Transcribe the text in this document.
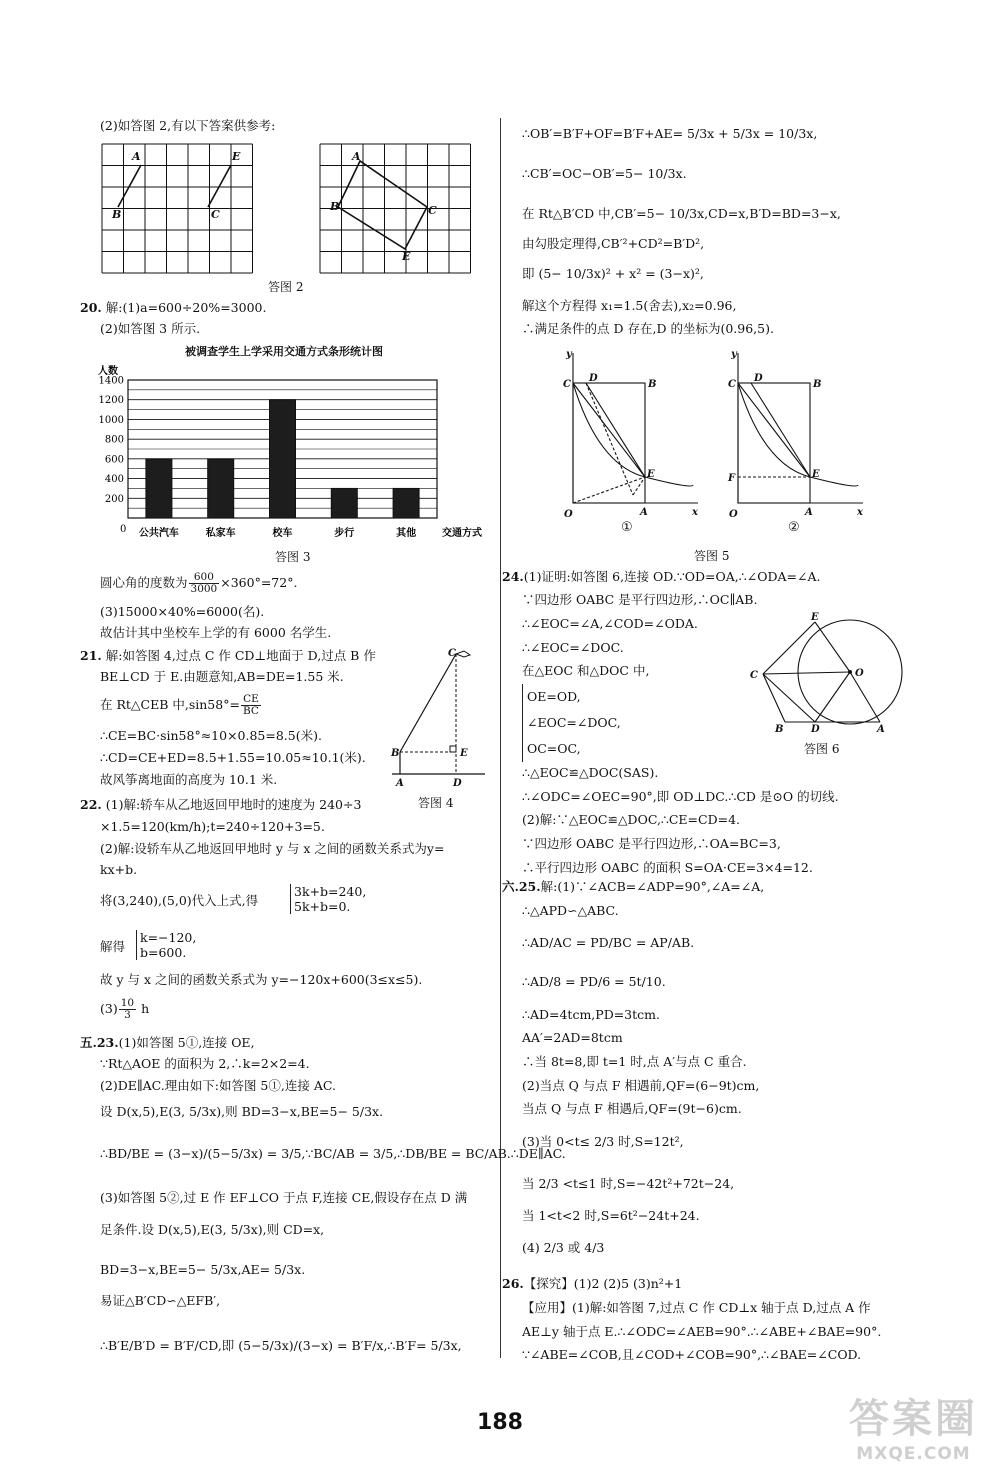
(2)如答图 2,有以下答案供参考:
A
B
E
C
A
B	C
E
答图 2
20. 解:(1)a=600÷20%=3000.
(2)如答图 3 所示.
被调查学生上学采用交通方式条形统计图
200
400
600
800
1000
1200
1400
公共汽车	私家车	校车	步行	其他
人数
交通方式
0
答图 3
圆心角的度数为 $\frac{600}{3000} \times 360^\circ=72^\circ$.
(3)15000×40%=6000(名).
故估计其中坐校车上学的有 6000 名学生.
21. 解:如答图 4,过点 C 作 CD⊥地面于 D,过点 B 作
BE⊥CD 于 E.由题意知,AB=DE=1.55 米.
在 Rt△CEB 中$,\sin 58^\circ= \frac{CE}{BC}$
∴CE=BC·sin58°≈10×0.85=8.5(米).
∴CD=CE+ED=8.5+1.55=10.05≈10.1(米).
故风筝离地面的高度为 10.1 米.
C
B	E
A	D
答图 4
22. (1)解:轿车从乙地返回甲地时的速度为 240÷3
×1.5=120(km/h);t=240÷120+3=5.
(2)解:设轿车从乙地返回甲地时 y 与 x 之间的函数关系式为y=
kx+b.
将(3,240),(5,0)代入上式,得
3k+b=240,
5k+b=0.
解得
k=−120,
b=600.
故 y 与 x 之间的函数关系式为 y=−120x+600(3≤x≤5).
$(3) \frac{10}{3}$ h
五.23.(1)如答图 5①,连接 OE,
∵Rt△AOE 的面积为 2,∴k=2×2=4.
(2)DE∥AC.理由如下:如答图 5①,连接 AC.
设 D(x,5),E(3, 5/3x),则 BD=3−x,BE=5− 5/3x.
∴BD/BE = (3−x)/(5−5/3x) = 3/5,∵BC/AB = 3/5,∴DB/BE = BC/AB.∴DE∥AC.
(3)如答图 5②,过 E 作 EF⊥CO 于点 F,连接 CE,假设存在点 D 满
足条件.设 D(x,5),E(3, 5/3x),则 CD=x,
BD=3−x,BE=5− 5/3x,AE= 5/3x.
易证△B′CD∽△EFB′,
∴B′E/B′D = B′F/CD,即 (5−5/3x)/(3−x) = B′F/x,∴B′F= 5/3x,
∴OB′=B′F+OF=B′F+AE= 5/3x + 5/3x = 10/3x,
∴CB′=OC−OB′=5− 10/3x.
在 Rt△B′CD 中,CB′=5− 10/3x,CD=x,B′D=BD=3−x,
由勾股定理得,CB′²+CD²=B′D²,
即 (5− 10/3x)² + x² = (3−x)²,
解这个方程得 x₁=1.5(舍去),x₂=0.96,
∴满足条件的点 D 存在,D 的坐标为(0.96,5).
y
x
O
C
D
B
E
A
y
x
O
C
D
B
E
A
F
①	②
答图 5
24.(1)证明:如答图 6,连接 OD.∵OD=OA,∴∠ODA=∠A.
∵四边形 OABC 是平行四边形,∴OC∥AB.
∴∠EOC=∠A,∠COD=∠ODA.
∴∠EOC=∠DOC.
在△EOC 和△DOC 中,
OE=OD,
∠EOC=∠DOC,
OC=OC,
∴△EOC≌△DOC(SAS).
∴∠ODC=∠OEC=90°,即 OD⊥DC.∴CD 是⊙O 的切线.
(2)解:∵△EOC≌△DOC,∴CE=CD=4.
∵四边形 OABC 是平行四边形,∴OA=BC=3,
∴平行四边形 OABC 的面积 S=OA·CE=3×4=12.
E
O
C
B	D	A
答图 6
六.25.解:(1)∵∠ACB=∠ADP=90°,∠A=∠A,
∴△APD∽△ABC.
∴AD/AC = PD/BC = AP/AB.
∴AD/8 = PD/6 = 5t/10.
∴AD=4tcm,PD=3tcm.
AA′=2AD=8tcm
∴当 8t=8,即 t=1 时,点 A′与点 C 重合.
(2)当点 Q 与点 F 相遇前,QF=(6−9t)cm,
当点 Q 与点 F 相遇后,QF=(9t−6)cm.
(3)当 0<t≤ 2/3 时,S=12t²,
当 2/3 <t≤1 时,S=−42t²+72t−24,
当 1<t<2 时,S=6t²−24t+24.
(4) 2/3 或 4/3
26.【探究】(1)2 (2)5 (3)n²+1
【应用】(1)解:如答图 7,过点 C 作 CD⊥x 轴于点 D,过点 A 作
AE⊥y 轴于点 E.∴∠ODC=∠AEB=90°.∴∠ABE+∠BAE=90°.
∵∠ABE=∠COB,且∠COD+∠COB=90°,∴∠BAE=∠COD.
188	答案圈
MXQE.COM
